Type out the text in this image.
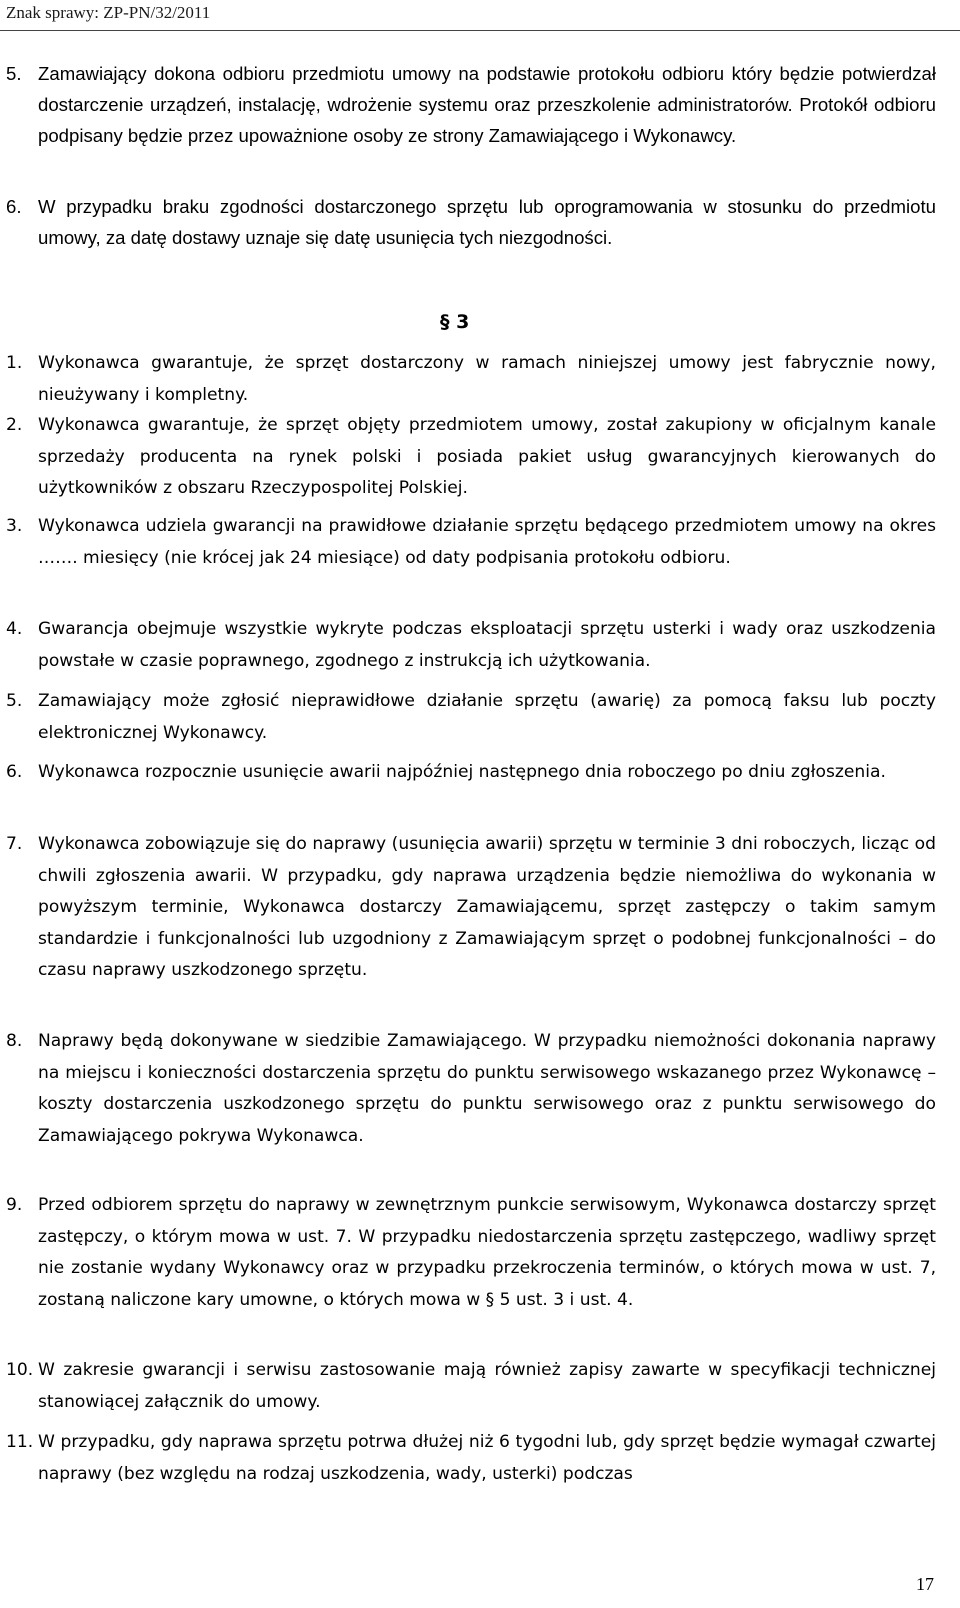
Znak sprawy: ZP-PN/32/2011
5. Zamawiający dokona odbioru przedmiotu umowy na podstawie protokołu odbioru który będzie potwierdzał dostarczenie urządzeń, instalację, wdrożenie systemu oraz przeszkolenie administratorów. Protokół odbioru podpisany będzie przez upoważnione osoby ze strony Zamawiającego i Wykonawcy.
6. W przypadku braku zgodności dostarczonego sprzętu lub oprogramowania w stosunku do przedmiotu umowy, za datę dostawy uznaje się datę usunięcia tych niezgodności.
§ 3
1. Wykonawca gwarantuje, że sprzęt dostarczony w ramach niniejszej umowy jest fabrycznie nowy, nieużywany i kompletny.
2. Wykonawca gwarantuje, że sprzęt objęty przedmiotem umowy, został zakupiony w oficjalnym kanale sprzedaży producenta na rynek polski i posiada pakiet usług gwarancyjnych kierowanych do użytkowników z obszaru Rzeczypospolitej Polskiej.
3. Wykonawca udziela gwarancji na prawidłowe działanie sprzętu będącego przedmiotem umowy na okres ……. miesięcy (nie krócej jak 24 miesiące) od daty podpisania protokołu odbioru.
4. Gwarancja obejmuje wszystkie wykryte podczas eksploatacji sprzętu usterki i wady oraz uszkodzenia powstałe w czasie poprawnego, zgodnego z instrukcją ich użytkowania.
5. Zamawiający może zgłosić nieprawidłowe działanie sprzętu (awarię) za pomocą faksu lub poczty elektronicznej Wykonawcy.
6. Wykonawca rozpocznie usunięcie awarii najpóźniej następnego dnia roboczego po dniu zgłoszenia.
7. Wykonawca zobowiązuje się do naprawy (usunięcia awarii) sprzętu w terminie 3 dni roboczych, licząc od chwili zgłoszenia awarii. W przypadku, gdy naprawa urządzenia będzie niemożliwa do wykonania w powyższym terminie, Wykonawca dostarczy Zamawiającemu, sprzęt zastępczy o takim samym standardzie i funkcjonalności lub uzgodniony z Zamawiającym sprzęt o podobnej funkcjonalności – do czasu naprawy uszkodzonego sprzętu.
8. Naprawy będą dokonywane w siedzibie Zamawiającego. W przypadku niemożności dokonania naprawy na miejscu i konieczności dostarczenia sprzętu do punktu serwisowego wskazanego przez Wykonawcę – koszty dostarczenia uszkodzonego sprzętu do punktu serwisowego oraz z punktu serwisowego do Zamawiającego pokrywa Wykonawca.
9. Przed odbiorem sprzętu do naprawy w zewnętrznym punkcie serwisowym, Wykonawca dostarczy sprzęt zastępczy, o którym mowa w ust. 7. W przypadku niedostarczenia sprzętu zastępczego, wadliwy sprzęt nie zostanie wydany Wykonawcy oraz w przypadku przekroczenia terminów, o których mowa w ust. 7, zostaną naliczone kary umowne, o których mowa w § 5 ust. 3 i ust. 4.
10. W zakresie gwarancji i serwisu zastosowanie mają również zapisy zawarte w specyfikacji technicznej stanowiącej załącznik do umowy.
11. W przypadku, gdy naprawa sprzętu potrwa dłużej niż 6 tygodni lub, gdy sprzęt będzie wymagał czwartej naprawy (bez względu na rodzaj uszkodzenia, wady, usterki) podczas
17
